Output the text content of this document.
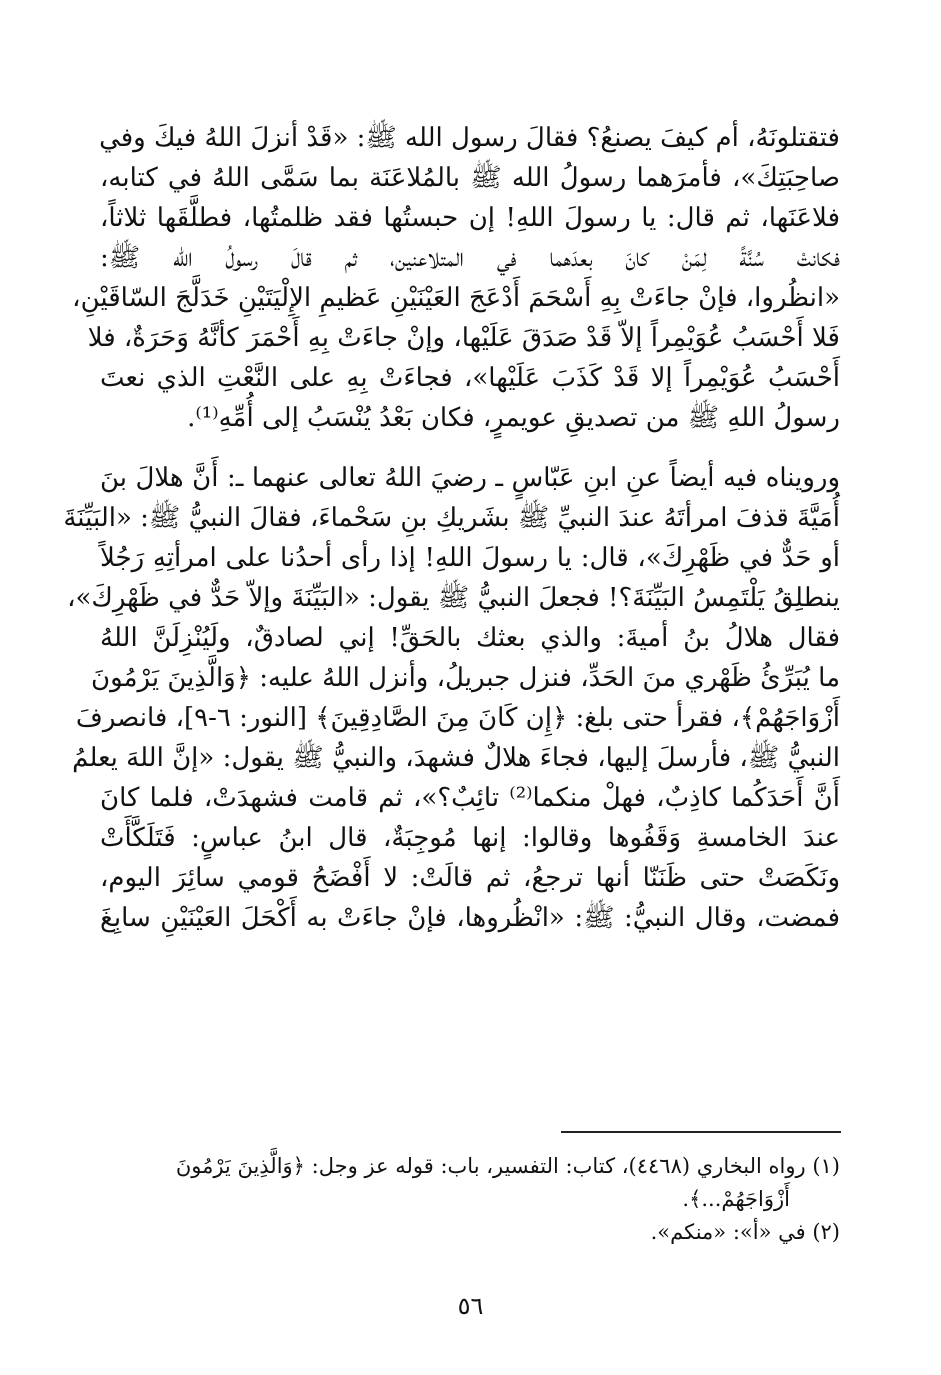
فتقتلونَهُ، أم كيفَ يصنعُ؟ فقالَ رسول الله ﷺ: «قَدْ أنزلَ اللهُ فيكَ وفي
صاحِبَتِكَ»، فأمرَهما رسولُ الله ﷺ بالمُلاعَنَة بما سَمَّى اللهُ في كتابه،
فلاعَنَها، ثم قال: يا رسولَ اللهِ! إن حبستُها فقد ظلمتُها، فطلَّقَها ثلاثاً،
فكانتْ سُنَّةً لِمَنْ كانَ بعدَهما في المتلاعنين، ثم قالَ رسولُ الله ﷺ:
«انظُروا، فإنْ جاءَتْ بِهِ أَسْحَمَ أَدْعَجَ العَيْنَيْنِ عَظيمِ الإِلْيَتَيْنِ خَدَلَّجَ السّاقَيْنِ،
فَلا أَحْسَبُ عُوَيْمِراً إلاّ قَدْ صَدَقَ عَلَيْها، وإنْ جاءَتْ بِهِ أَحْمَرَ كأنَّهُ وَحَرَةٌ، فلا
أَحْسَبُ عُوَيْمِراً إلا قَدْ كَذَبَ عَلَيْها»، فجاءَتْ بِهِ على النَّعْتِ الذي نعتَ
رسولُ اللهِ ﷺ من تصديقِ عويمرٍ، فكان بَعْدُ يُنْسَبُ إلى أُمِّهِ⁽¹⁾.
ورويناه فيه أيضاً عنِ ابنِ عَبّاسٍ ـ رضيَ اللهُ تعالى عنهما ـ: أَنَّ هلالَ بنَ
أُمَيَّةَ قذفَ امرأتَهُ عندَ النبيِّ ﷺ بشَريكِ بنِ سَحْماءَ، فقالَ النبيُّ ﷺ: «البَيِّنَةَ
أو حَدٌّ في ظَهْرِكَ»، قال: يا رسولَ اللهِ! إذا رأى أحدُنا على امرأتِهِ رَجُلاً
ينطلِقُ يَلْتَمِسُ البَيِّنَةَ؟! فجعلَ النبيُّ ﷺ يقول: «البَيِّنَةَ وإلاّ حَدٌّ في ظَهْرِكَ»،
فقال هلالُ بنُ أميةَ: والذي بعثك بالحَقِّ! إني لصادقٌ، ولَيُنْزِلَنَّ اللهُ
ما يُبَرِّئُ ظَهْري منَ الحَدِّ، فنزل جبريلُ، وأنزل اللهُ عليه: ﴿وَالَّذِينَ يَرْمُونَ
أَزْوَاجَهُمْ﴾، فقرأ حتى بلغ: ﴿إِن كَانَ مِنَ الصَّادِقِينَ﴾ [النور: ٦-٩]، فانصرفَ
النبيُّ ﷺ، فأرسلَ إليها، فجاءَ هلالٌ فشهدَ، والنبيُّ ﷺ يقول: «إنَّ اللهَ يعلمُ
أَنَّ أَحَدَكُما كاذِبٌ، فهلْ منكما⁽²⁾ تائِبٌ؟»، ثم قامت فشهدَتْ، فلما كانَ
عندَ الخامسةِ وَقَفُوها وقالوا: إنها مُوجِبَةٌ، قال ابنُ عباسٍ: فَتَلَكَّأَتْ
ونَكَصَتْ حتى ظَنَنّا أنها ترجعُ، ثم قالَتْ: لا أَفْضَحُ قومي سائِرَ اليوم،
فمضت، وقال النبيُّ: ﷺ: «انْظُروها، فإنْ جاءَتْ به أَكْحَلَ العَيْنَيْنِ سابِغَ
(١) رواه البخاري (٤٤٦٨)، كتاب: التفسير، باب: قوله عز وجل: ﴿وَالَّذِينَ يَرْمُونَ
أَزْوَاجَهُمْ...﴾.
(٢) في «أ»: «منكم».
٥٦
